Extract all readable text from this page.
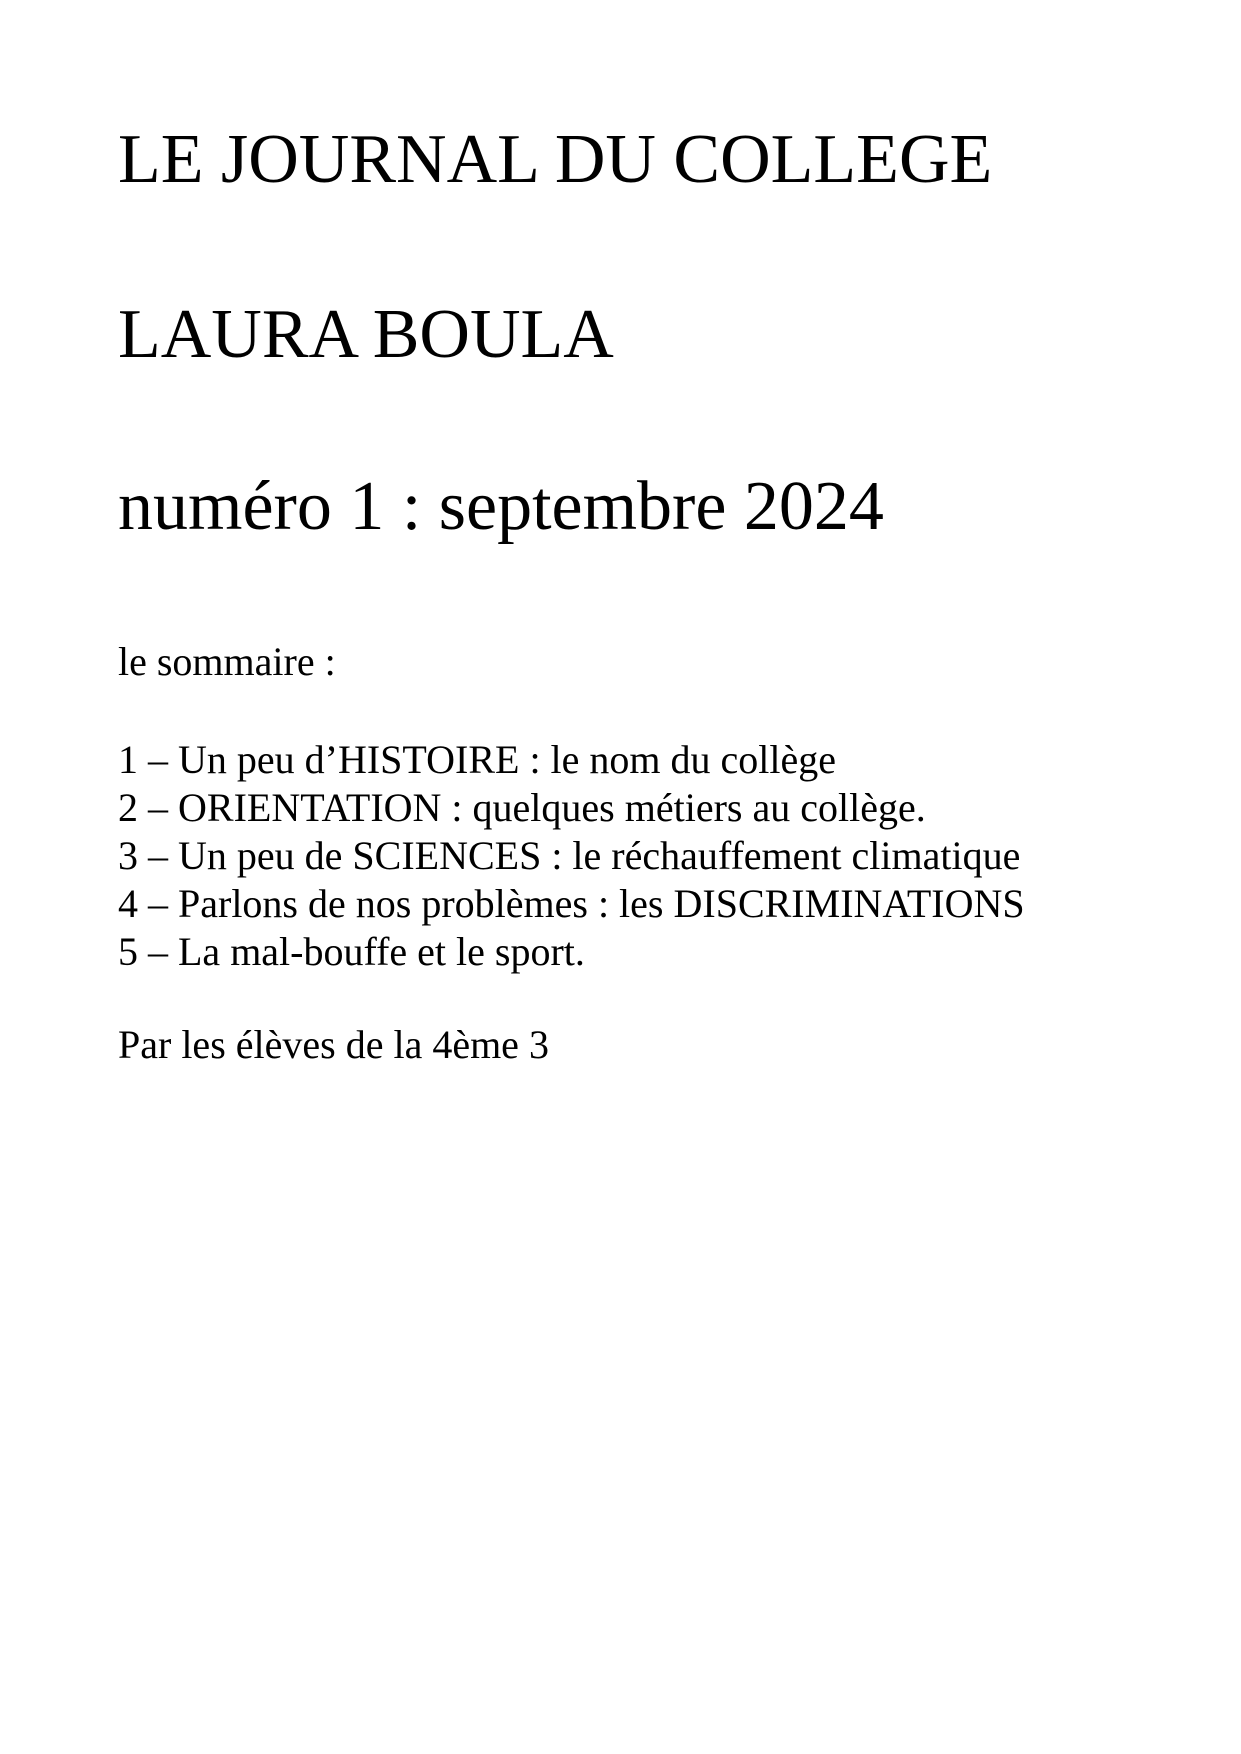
LE JOURNAL DU COLLEGE
LAURA BOULA
numéro 1 : septembre 2024

le sommaire :

1 – Un peu d’HISTOIRE : le nom du collège
2 – ORIENTATION : quelques métiers au collège.
3 – Un peu de SCIENCES : le réchauffement climatique
4 – Parlons de nos problèmes : les DISCRIMINATIONS
5 – La mal-bouffe et le sport.

Par les élèves de la 4ème 3
